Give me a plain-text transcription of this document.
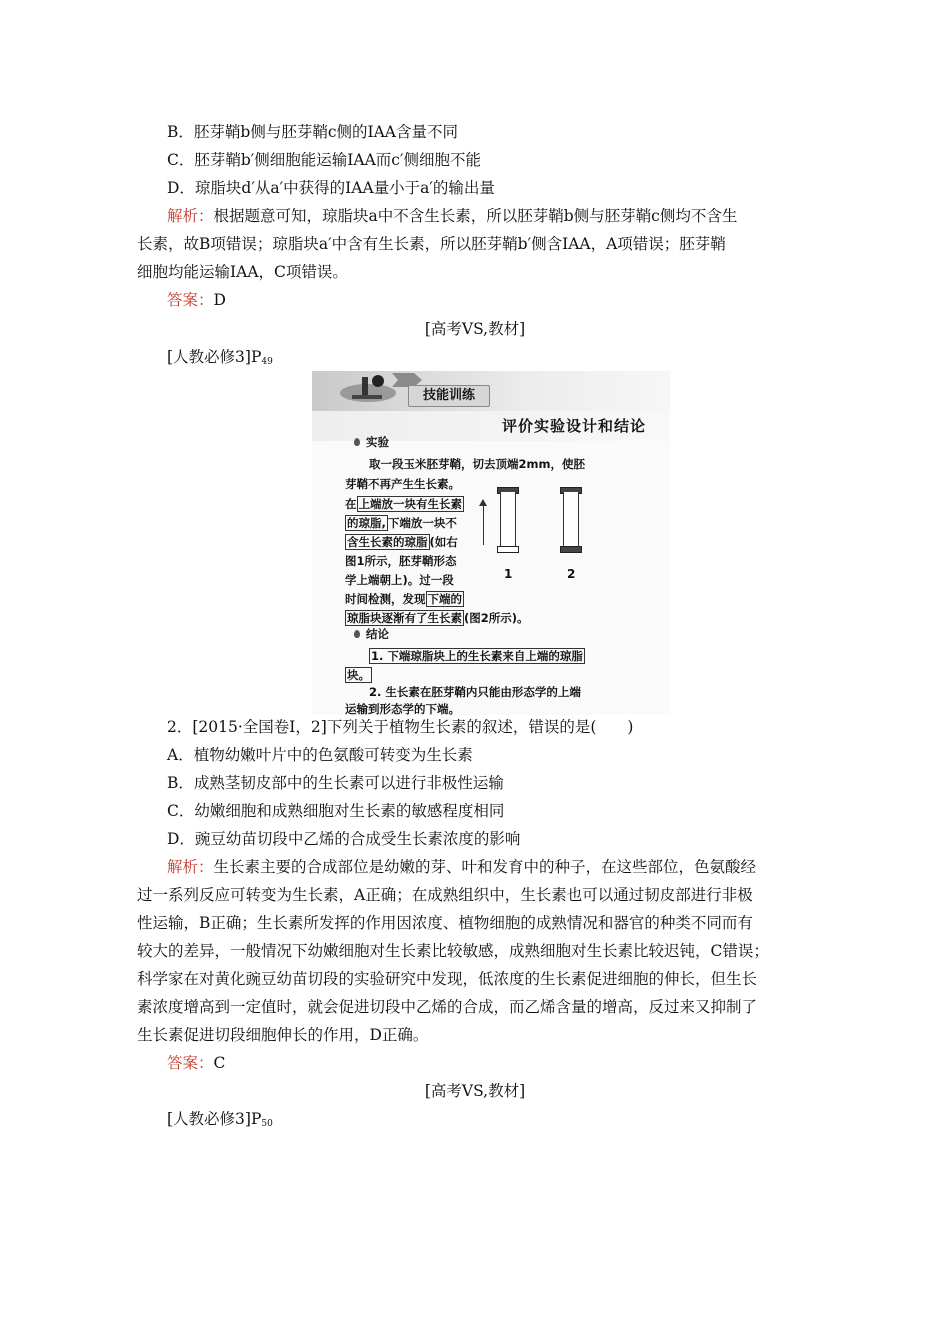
B．胚芽鞘b侧与胚芽鞘c侧的IAA含量不同
C．胚芽鞘b′侧细胞能运输IAA而c′侧细胞不能
D．琼脂块d′从a′中获得的IAA量小于a′的输出量
解析：根据题意可知，琼脂块a中不含生长素，所以胚芽鞘b侧与胚芽鞘c侧均不含生
长素，故B项错误；琼脂块a′中含有生长素，所以胚芽鞘b′侧含IAA，A项错误；胚芽鞘
细胞均能运输IAA，C项错误。
答案：D
[高考VS,教材]
[人教必修$3]P_{49}$
技能训练
评价实验设计和结论
实验
取一段玉米胚芽鞘，切去顶端2mm，使胚
芽鞘不再产生生长素。
在 上端放一块有生长素
的琼脂, 下端放一块不
含生长素的琼脂 (如右
图1所示，胚芽鞘形态
学上端朝上)。过一段
时间检测，发现 下端的
琼脂块逐渐有了生长素 (图2所示)。
1	2
结论
1. 下端琼脂块上的生长素来自上端的琼脂
块。
2. 生长素在胚芽鞘内只能由形态学的上端
运输到形态学的下端。
2．[2015·全国卷Ⅰ，2]下列关于植物生长素的叙述，错误的是(　　)
A．植物幼嫩叶片中的色氨酸可转变为生长素
B．成熟茎韧皮部中的生长素可以进行非极性运输
C．幼嫩细胞和成熟细胞对生长素的敏感程度相同
D．豌豆幼苗切段中乙烯的合成受生长素浓度的影响
解析：生长素主要的合成部位是幼嫩的芽、叶和发育中的种子，在这些部位，色氨酸经
过一系列反应可转变为生长素，A正确；在成熟组织中，生长素也可以通过韧皮部进行非极
性运输，B正确；生长素所发挥的作用因浓度、植物细胞的成熟情况和器官的种类不同而有
较大的差异，一般情况下幼嫩细胞对生长素比较敏感，成熟细胞对生长素比较迟钝，C错误；
科学家在对黄化豌豆幼苗切段的实验研究中发现，低浓度的生长素促进细胞的伸长，但生长
素浓度增高到一定值时，就会促进切段中乙烯的合成，而乙烯含量的增高，反过来又抑制了
生长素促进切段细胞伸长的作用，D正确。
答案：C
[高考VS,教材]
[人教必修$3]P_{50}$
